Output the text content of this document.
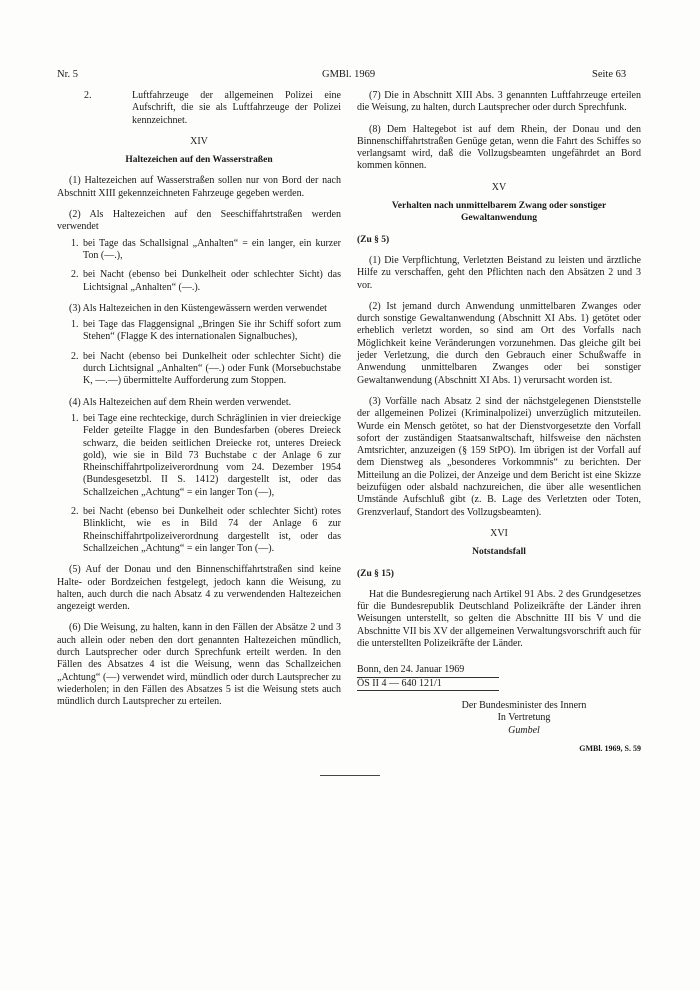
Nr. 5	GMBl. 1969	Seite 63
2.	Luftfahrzeuge der allgemeinen Polizei eine Aufschrift, die sie als Luftfahrzeuge der Polizei kennzeichnet.
XIV
Haltezeichen auf den Wasserstraßen

(1) Haltezeichen auf Wasserstraßen sollen nur von Bord der nach Abschnitt XIII gekennzeichneten Fahrzeuge gegeben werden.

(2) Als Haltezeichen auf den Seeschiffahrtstraßen werden verwendet

1. bei Tage das Schallsignal „Anhalten“ = ein langer, ein kurzer Ton (—.),
2. bei Nacht (ebenso bei Dunkelheit oder schlechter Sicht) das Lichtsignal „Anhalten“ (—.).

(3) Als Haltezeichen in den Küstengewässern werden verwendet

1. bei Tage das Flaggensignal „Bringen Sie ihr Schiff sofort zum Stehen“ (Flagge K des internationalen Signalbuches),
2. bei Nacht (ebenso bei Dunkelheit oder schlechter Sicht) die durch Lichtsignal „Anhalten“ (—.) oder Funk (Morsebuchstabe K, —.—) übermittelte Aufforderung zum Stoppen.

(4) Als Haltezeichen auf dem Rhein werden verwendet.

1. bei Tage eine rechteckige, durch Schräglinien in vier dreieckige Felder geteilte Flagge in den Bundesfarben (oberes Dreieck schwarz, die beiden seitlichen Dreiecke rot, unteres Dreieck gold), wie sie in Bild 73 Buchstabe c der Anlage 6 zur Rheinschiffahrtpolizeiverordnung vom 24. Dezember 1954 (Bundesgesetzbl. II S. 1412) dargestellt ist, oder das Schallzeichen „Achtung“ = ein langer Ton (—),
2. bei Nacht (ebenso bei Dunkelheit oder schlechter Sicht) rotes Blinklicht, wie es in Bild 74 der Anlage 6 zur Rheinschiffahrtpolizeiverordnung dargestellt ist, oder das Schallzeichen „Achtung“ = ein langer Ton (—).

(5) Auf der Donau und den Binnenschiffahrtstraßen sind keine Halte- oder Bordzeichen festgelegt, jedoch kann die Weisung, zu halten, auch durch die nach Absatz 4 zu verwendenden Haltezeichen angezeigt werden.

(6) Die Weisung, zu halten, kann in den Fällen der Absätze 2 und 3 auch allein oder neben den dort genannten Haltezeichen mündlich, durch Lautsprecher oder durch Sprechfunk erteilt werden. In den Fällen des Absatzes 4 ist die Weisung, wenn das Schallzeichen „Achtung“ (—) verwendet wird, mündlich oder durch Lautsprecher zu wiederholen; in den Fällen des Absatzes 5 ist die Weisung stets auch mündlich durch Lautsprecher zu erteilen.

(7) Die in Abschnitt XIII Abs. 3 genannten Luftfahrzeuge erteilen die Weisung, zu halten, durch Lautsprecher oder durch Sprechfunk.

(8) Dem Haltegebot ist auf dem Rhein, der Donau und den Binnenschiffahrtstraßen Genüge getan, wenn die Fahrt des Schiffes so verlangsamt wird, daß die Vollzugsbeamten ungefährdet an Bord kommen können.

XV
Verhalten nach unmittelbarem Zwang oder sonstiger Gewaltanwendung
(Zu § 5)

(1) Die Verpflichtung, Verletzten Beistand zu leisten und ärztliche Hilfe zu verschaffen, geht den Pflichten nach den Absätzen 2 und 3 vor.

(2) Ist jemand durch Anwendung unmittelbaren Zwanges oder durch sonstige Gewaltanwendung (Abschnitt XI Abs. 1) getötet oder erheblich verletzt worden, so sind am Ort des Vorfalls nach Möglichkeit keine Veränderungen vorzunehmen. Das gleiche gilt bei jeder Verletzung, die durch den Gebrauch einer Schußwaffe in Anwendung unmittelbaren Zwanges oder bei sonstiger Gewaltanwendung (Abschnitt XI Abs. 1) verursacht worden ist.

(3) Vorfälle nach Absatz 2 sind der nächstgelegenen Dienststelle der allgemeinen Polizei (Kriminalpolizei) unverzüglich mitzuteilen. Wurde ein Mensch getötet, so hat der Dienstvorgesetzte den Vorfall sofort der zuständigen Staatsanwaltschaft, hilfsweise den nächsten Amtsrichter, anzuzeigen (§ 159 StPO). Im übrigen ist der Vorfall auf dem Dienstweg als „besonderes Vorkommnis“ zu berichten. Der Mitteilung an die Polizei, der Anzeige und dem Bericht ist eine Skizze beizufügen oder alsbald nachzureichen, die über alle wesentlichen Umstände Aufschluß gibt (z. B. Lage des Verletzten oder Toten, Grenzverlauf, Standort des Vollzugsbeamten).

XVI
Notstandsfall
(Zu § 15)

Hat die Bundesregierung nach Artikel 91 Abs. 2 des Grundgesetzes für die Bundesrepublik Deutschland Polizeikräfte der Länder ihren Weisungen unterstellt, so gelten die Abschnitte III bis V und die Abschnitte VII bis XV der allgemeinen Verwaltungsvorschrift auch für die unterstellten Polizeikräfte der Länder.

Bonn, den 24. Januar 1969
ÖS II 4 — 640 121/1
Der Bundesminister des Innern
In Vertretung
Gumbel
GMBl. 1969, S. 59
